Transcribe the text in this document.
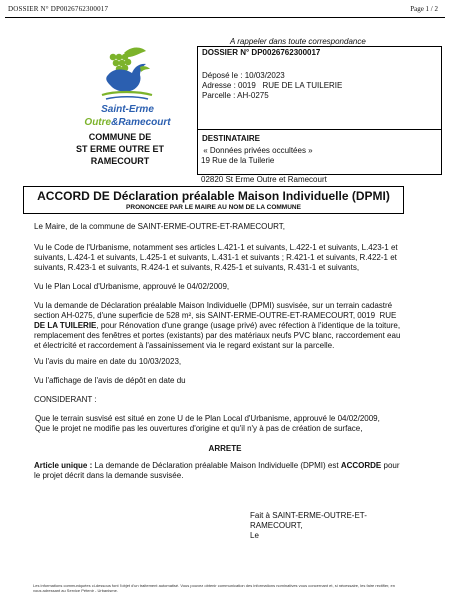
DOSSIER N° DP0026762300017	Page 1 / 2
Saint-Erme
Outre&Ramecourt
COMMUNE DE
ST ERME OUTRE ET
RAMECOURT
A rappeler dans toute correspondance
DOSSIER N° DP0026762300017
Déposé le : 10/03/2023
Adresse : 0019   RUE DE LA TUILERIE
Parcelle : AH-0275
DESTINATAIRE
« Données privées occultées »
19 Rue de la Tuilerie
02820 St Erme Outre et Ramecourt
ACCORD DE Déclaration préalable Maison Individuelle (DPMI)
PRONONCEE PAR LE MAIRE AU NOM DE LA COMMUNE
Le Maire, de la commune de SAINT-ERME-OUTRE-ET-RAMECOURT,
Vu le Code de l'Urbanisme, notamment ses articles L.421-1 et suivants, L.422-1 et suivants, L.423-1 et
suivants, L.424-1 et suivants, L.425-1 et suivants, L.431-1 et suivants ; R.421-1 et suivants, R.422-1 et
suivants, R.423-1 et suivants, R.424-1 et suivants, R.425-1 et suivants, R.431-1 et suivants,
Vu le Plan Local d'Urbanisme, approuvé le 04/02/2009,
Vu la demande de Déclaration préalable Maison Individuelle (DPMI) susvisée, sur un terrain cadastré
section AH-0275, d'une superficie de 528 m², sis SAINT-ERME-OUTRE-ET-RAMECOURT, 0019  RUE
DE LA TUILERIE, pour Rénovation d'une grange (usage privé) avec réfection à l'identique de la toiture,
remplacement des fenêtres et portes (existants) par des matériaux neufs PVC blanc, raccordement eau
et électricité et raccordement à l'assainissement via le regard existant sur la parcelle.
Vu l'avis du maire en date du 10/03/2023,
Vu l'affichage de l'avis de dépôt en date du
CONSIDERANT :
Que le terrain susvisé est situé en zone U de le Plan Local d'Urbanisme, approuvé le 04/02/2009,
Que le projet ne modifie pas les ouvertures d'origine et qu'il n'y à pas de création de surface,
ARRETE
Article unique : La demande de Déclaration préalable Maison Individuelle (DPMI) est ACCORDE pour
le projet décrit dans la demande susvisée.
Fait à SAINT-ERME-OUTRE-ET-
RAMECOURT,
Le
Les informations communiquées ci-dessous font l'objet d'un traitement automatisé. Vous pouvez obtenir communication des informations nominatives vous concernant et, si nécessaire, les faire rectifier, en
vous adressant au Service Pétenir - Urbanisme.
